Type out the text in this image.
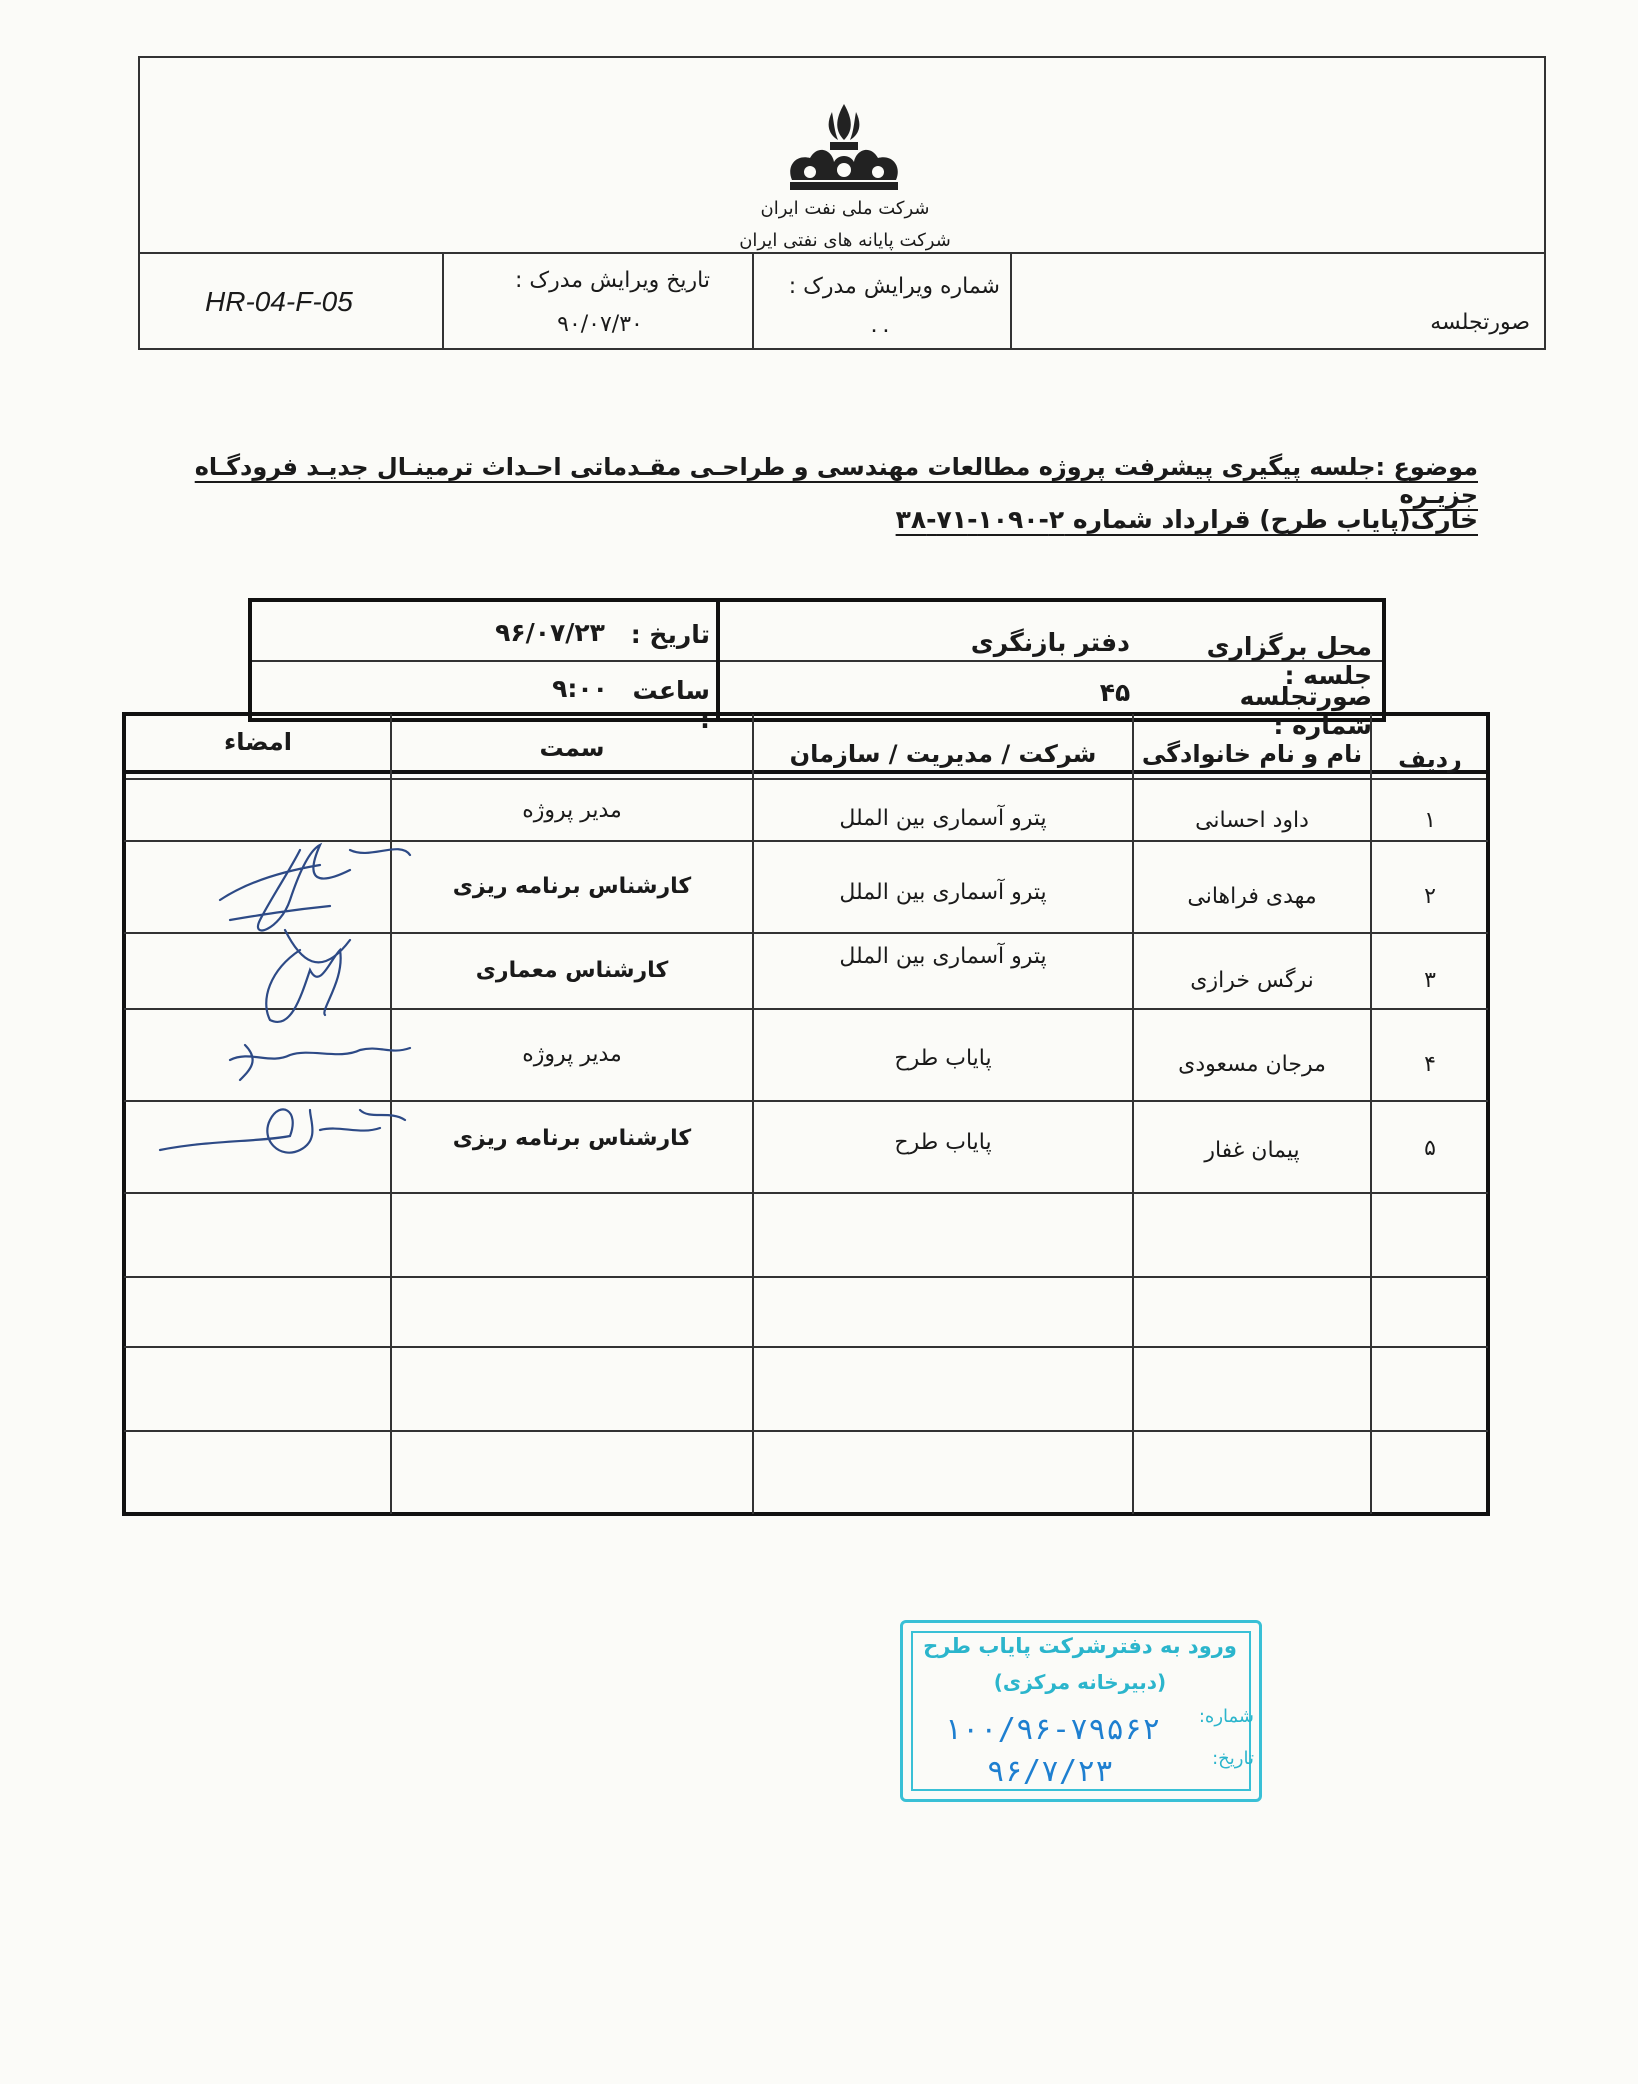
شرکت ملی نفت ایران
شرکت پایانه های نفتی ایران
HR-04-F-05
تاریخ ویرایش مدرک :
۹۰/۰۷/۳۰
شماره ویرایش مدرک :
۰۰	صورتجلسه
موضوع :جلسه پیگیری پیشرفت پروژه مطالعات مهندسی و طراحـی مقـدماتی احـداث ترمینـال جدیـد فرودگـاه جزیـره
خارک(پایاب طرح) قرارداد شماره ۲-۱۰۹۰-۷۱-۳۸
محل برگزاری جلسه :
دفتر بازنگری
صورتجلسه شماره :
۴۵
تاریخ :
۹۶/۰۷/۲۳
ساعت :
۹:۰۰
ردیف
نام و نام خانوادگی
شرکت / مدیریت / سازمان
سمت
امضاء
۱
داود احسانی
پترو آسماری بین الملل
مدیر پروژه
۲
مهدی فراهانی
پترو آسماری بین الملل
کارشناس برنامه ریزی
۳
نرگس خرازی
پترو آسماری بین الملل
کارشناس معماری
۴
مرجان مسعودی
پایاب طرح
مدیر پروژه
۵
پیمان غفار
پایاب طرح
کارشناس برنامه ریزی
ورود به دفترشرکت پایاب طرح
(دبیرخانه مرکزی)
شماره:
تاریخ:
۱۰۰/۹۶-۷۹۵۶۲
۹۶/۷/۲۳
